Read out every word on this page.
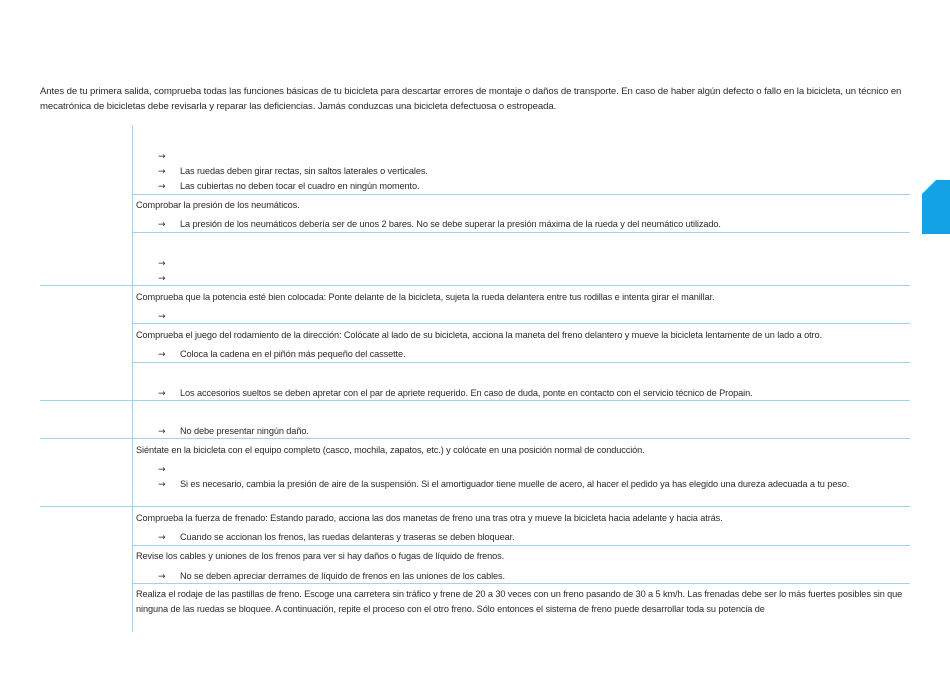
Antes de tu primera salida, comprueba todas las funciones básicas de tu bicicleta para descartar errores de montaje o daños de transporte. En caso de haber algún defecto o fallo en la bicicleta, un técnico en mecatrónica de bicicletas debe revisarla y reparar las deficiencias. Jamás conduzcas una bicicleta defectuosa o estropeada.
→
→ Las ruedas deben girar rectas, sin saltos laterales o verticales.
→ Las cubiertas no deben tocar el cuadro en ningún momento.
Comprobar la presión de los neumáticos.
→ La presión de los neumáticos debería ser de unos 2 bares. No se debe superar la presión máxima de la rueda y del neumático utilizado.
→
→
Comprueba que la potencia esté bien colocada: Ponte delante de la bicicleta, sujeta la rueda delantera entre tus rodillas e intenta girar el manillar.
→
Comprueba el juego del rodamiento de la dirección: Colócate al lado de su bicicleta, acciona la maneta del freno delantero y mueve la bicicleta lentamente de un lado a otro.
→ Coloca la cadena en el piñón más pequeño del cassette.
→ Los accesorios sueltos se deben apretar con el par de apriete requerido. En caso de duda, ponte en contacto con el servicio técnico de Propain.
→ No debe presentar ningún daño.
Siéntate en la bicicleta con el equipo completo (casco, mochila, zapatos, etc.) y colócate en una posición normal de conducción.
→
→ Si es necesario, cambia la presión de aire de la suspensión. Si el amortiguador tiene muelle de acero, al hacer el pedido ya has elegido una dureza adecuada a tu peso.
Comprueba la fuerza de frenado: Estando parado, acciona las dos manetas de freno una tras otra y mueve la bicicleta hacia adelante y hacia atrás.
→ Cuando se accionan los frenos, las ruedas delanteras y traseras se deben bloquear.
Revise los cables y uniones de los frenos para ver si hay daños o fugas de líquido de frenos.
→ No se deben apreciar derrames de líquido de frenos en las uniones de los cables.
Realiza el rodaje de las pastillas de freno. Escoge una carretera sin tráfico y frene de 20 a 30 veces con un freno pasando de 30 a 5 km/h. Las frenadas debe ser lo más fuertes posibles sin que ninguna de las ruedas se bloquee. A continuación, repite el proceso con el otro freno. Sólo entonces el sistema de freno puede desarrollar toda su potencia de
